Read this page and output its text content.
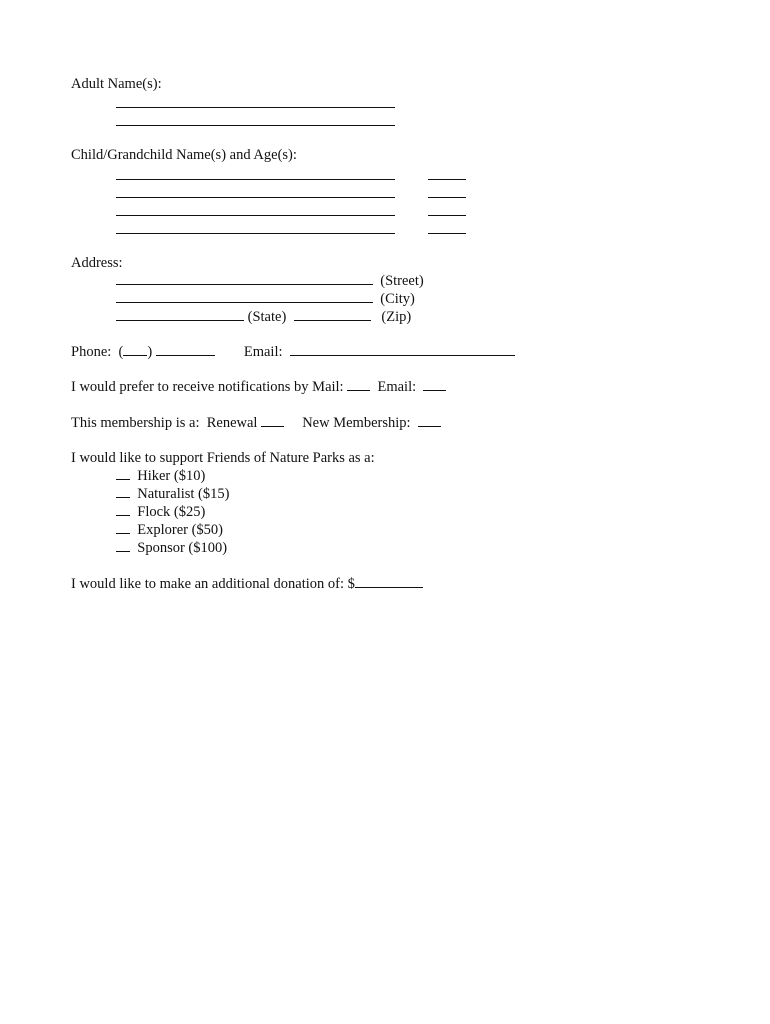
Adult Name(s):
Child/Grandchild Name(s) and Age(s):
Address:
(Street)
(City)
(State)	(Zip)
Phone: ( )	Email:
I would prefer to receive notifications by Mail: Email:
This membership is a:  Renewal	New Membership:
I would like to support Friends of Nature Parks as a:
Hiker ($10)
Naturalist ($15)
Flock ($25)
Explorer ($50)
Sponsor ($100)
I would like to make an additional donation of: $
